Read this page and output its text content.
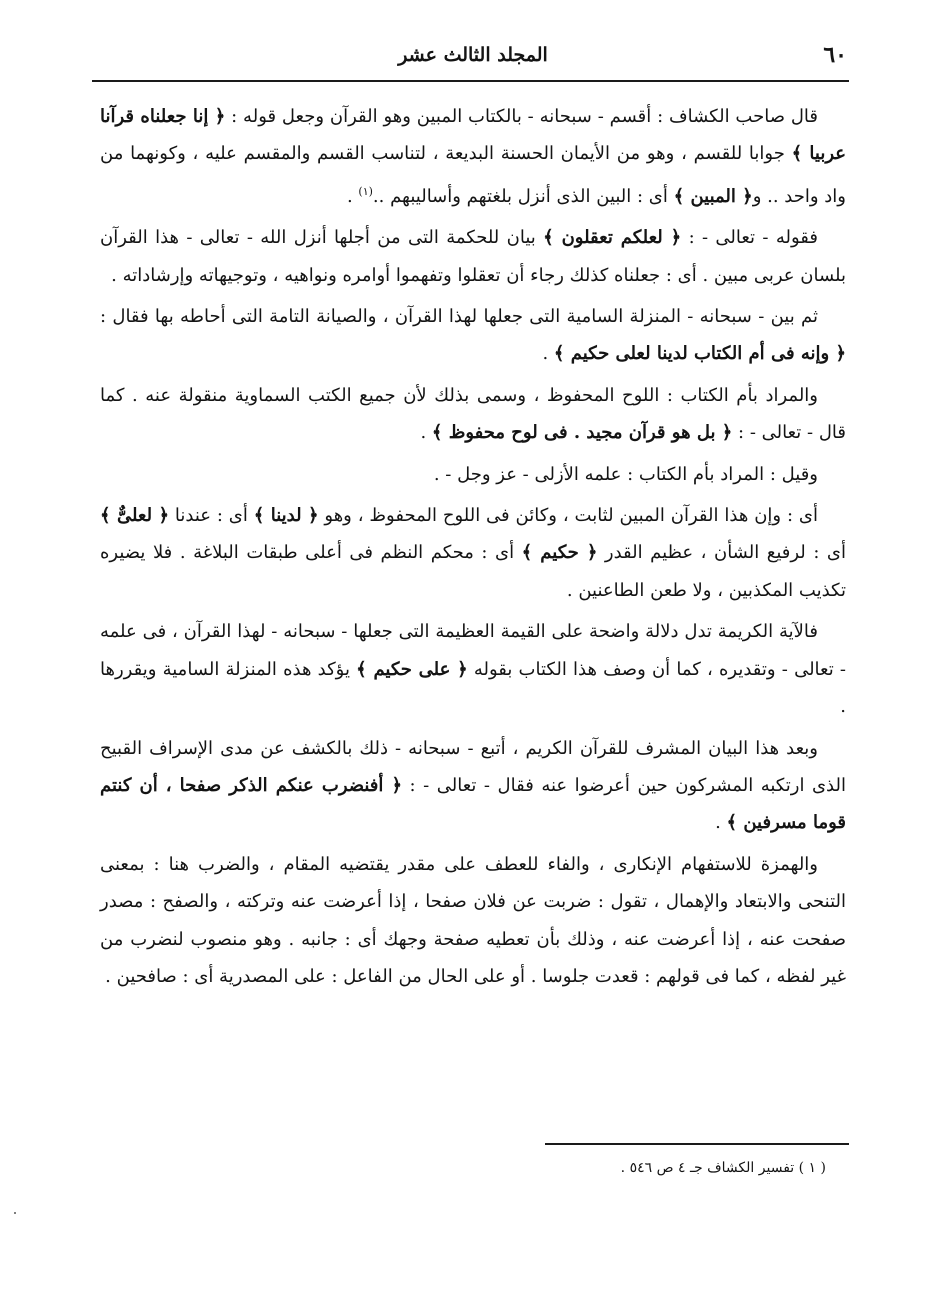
٦٠
المجلد الثالث عشر

قال صاحب الكشاف : أقسم - سبحانه - بالكتاب المبين وهو القرآن وجعل قوله : ﴿ إنا جعلناه قرآنا عربيا ﴾ جوابا للقسم ، وهو من الأيمان الحسنة البديعة ، لتناسب القسم والمقسم عليه ، وكونهما من واد واحد .. و﴿ المبين ﴾ أى : البين الذى أنزل بلغتهم وأساليبهم ..$^{(١)}$ .

فقوله - تعالى - : ﴿ لعلكم تعقلون ﴾ بيان للحكمة التى من أجلها أنزل الله - تعالى - هذا القرآن بلسان عربى مبين . أى : جعلناه كذلك رجاء أن تعقلوا وتفهموا أوامره ونواهيه ، وتوجيهاته وإرشاداته .

ثم بين - سبحانه - المنزلة السامية التى جعلها لهذا القرآن ، والصيانة التامة التى أحاطه بها فقال : ﴿ وإنه فى أم الكتاب لدينا لعلى حكيم ﴾ .

والمراد بأم الكتاب : اللوح المحفوظ ، وسمى بذلك لأن جميع الكتب السماوية منقولة عنه . كما قال - تعالى - : ﴿ بل هو قرآن مجيد . فى لوح محفوظ ﴾ .

وقيل : المراد بأم الكتاب : علمه الأزلى - عز وجل - .

أى : وإن هذا القرآن المبين لثابت ، وكائن فى اللوح المحفوظ ، وهو ﴿ لدينا ﴾ أى : عندنا ﴿ لعلىٌّ ﴾ أى : لرفيع الشأن ، عظيم القدر ﴿ حكيم ﴾ أى : محكم النظم فى أعلى طبقات البلاغة . فلا يضيره تكذيب المكذبين ، ولا طعن الطاعنين .

فالآية الكريمة تدل دلالة واضحة على القيمة العظيمة التى جعلها - سبحانه - لهذا القرآن ، فى علمه - تعالى - وتقديره ، كما أن وصف هذا الكتاب بقوله ﴿ على حكيم ﴾ يؤكد هذه المنزلة السامية ويقررها .

وبعد هذا البيان المشرف للقرآن الكريم ، أتبع - سبحانه - ذلك بالكشف عن مدى الإسراف القبيح الذى ارتكبه المشركون حين أعرضوا عنه فقال - تعالى - : ﴿ أفنضرب عنكم الذكر صفحا ، أن كنتم قوما مسرفين ﴾ .

والهمزة للاستفهام الإنكارى ، والفاء للعطف على مقدر يقتضيه المقام ، والضرب هنا : بمعنى التنحى والابتعاد والإهمال ، تقول : ضربت عن فلان صفحا ، إذا أعرضت عنه وتركته ، والصفح : مصدر صفحت عنه ، إذا أعرضت عنه ، وذلك بأن تعطيه صفحة وجهك أى : جانبه . وهو منصوب لنضرب من غير لفظه ، كما فى قولهم : قعدت جلوسا . أو على الحال من الفاعل : على المصدرية أى : صافحين .

( ١ ) تفسير الكشاف جـ ٤ ص ٥٤٦ .
